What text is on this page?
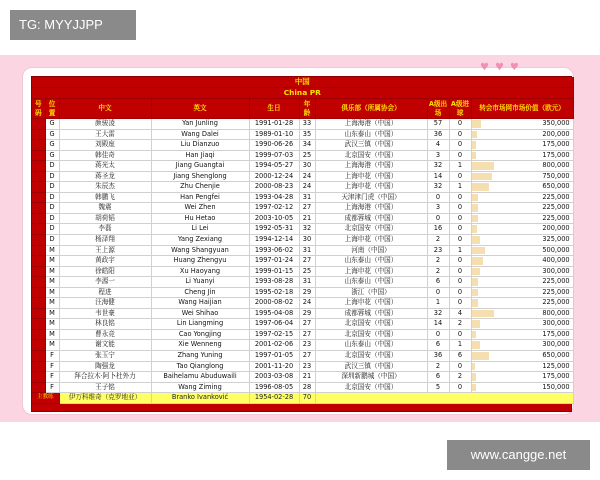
TG: MYYJJPP
♥♥♥
中国									
China PR									
号码	位置	中文	英文	生日	年龄	俱乐部（所属协会）	A级出场	A级进球	转会市场网市场价值（欧元）
	G	颜骏凌	Yan Junling	1991-01-28	33	上海海港（中国）	57	0	350,000
	G	王大雷	Wang Dalei	1989-01-10	35	山东泰山（中国）	36	0	200,000
	G	刘殿座	Liu Dianzuo	1990-06-26	34	武汉三镇（中国）	4	0	175,000
	G	韩佳奇	Han Jiaqi	1999-07-03	25	北京国安（中国）	3	0	175,000
	D	蒋光太	Jiang Guangtai	1994-05-27	30	上海海港（中国）	32	1	800,000
	D	蒋圣龙	Jiang Shenglong	2000-12-24	24	上海申花（中国）	14	0	750,000
	D	朱辰杰	Zhu Chenjie	2000-08-23	24	上海申花（中国）	32	1	650,000
	D	韩鹏飞	Han Pengfei	1993-04-28	31	天津津门虎（中国）	0	0	225,000
	D	魏震	Wei Zhen	1997-02-12	27	上海海港（中国）	3	0	225,000
	D	胡荷韬	Hu Hetao	2003-10-05	21	成都蓉城（中国）	0	0	225,000
	D	李磊	Li Lei	1992-05-31	32	北京国安（中国）	16	0	200,000
	D	杨泽翔	Yang Zexiang	1994-12-14	30	上海申花（中国）	2	0	325,000
	M	王上源	Wang Shangyuan	1993-06-02	31	河南（中国）	23	1	500,000
	M	黄政宇	Huang Zhengyu	1997-01-24	27	山东泰山（中国）	2	0	400,000
	M	徐皓阳	Xu Haoyang	1999-01-15	25	上海申花（中国）	2	0	300,000
	M	李源一	Li Yuanyi	1993-08-28	31	山东泰山（中国）	6	0	225,000
	M	程进	Cheng Jin	1995-02-18	29	浙江（中国）	0	0	225,000
	M	汪海健	Wang Haijian	2000-08-02	24	上海申花（中国）	1	0	225,000
	M	韦世豪	Wei Shihao	1995-04-08	29	成都蓉城（中国）	32	4	800,000
	M	林良铭	Lin Liangming	1997-06-04	27	北京国安（中国）	14	2	300,000
	M	曹永竞	Cao Yongjing	1997-02-15	27	北京国安（中国）	0	0	175,000
	M	谢文能	Xie Wenneng	2001-02-06	23	山东泰山（中国）	6	1	300,000
	F	张玉宁	Zhang Yuning	1997-01-05	27	北京国安（中国）	36	6	650,000
	F	陶强龙	Tao Qianglong	2001-11-20	23	武汉三镇（中国）	2	0	125,000
	F	拜合拉木·阿卜杜外力	Baihelamu Abuduwaili	2003-03-08	21	深圳新鹏城（中国）	6	2	175,000
	F	王子铭	Wang Ziming	1996-08-05	28	北京国安（中国）	5	0	150,000
主教练		伊万科维奇（克罗地亚）	Branko Ivanković	1954-02-28	70				
www.cangge.net
